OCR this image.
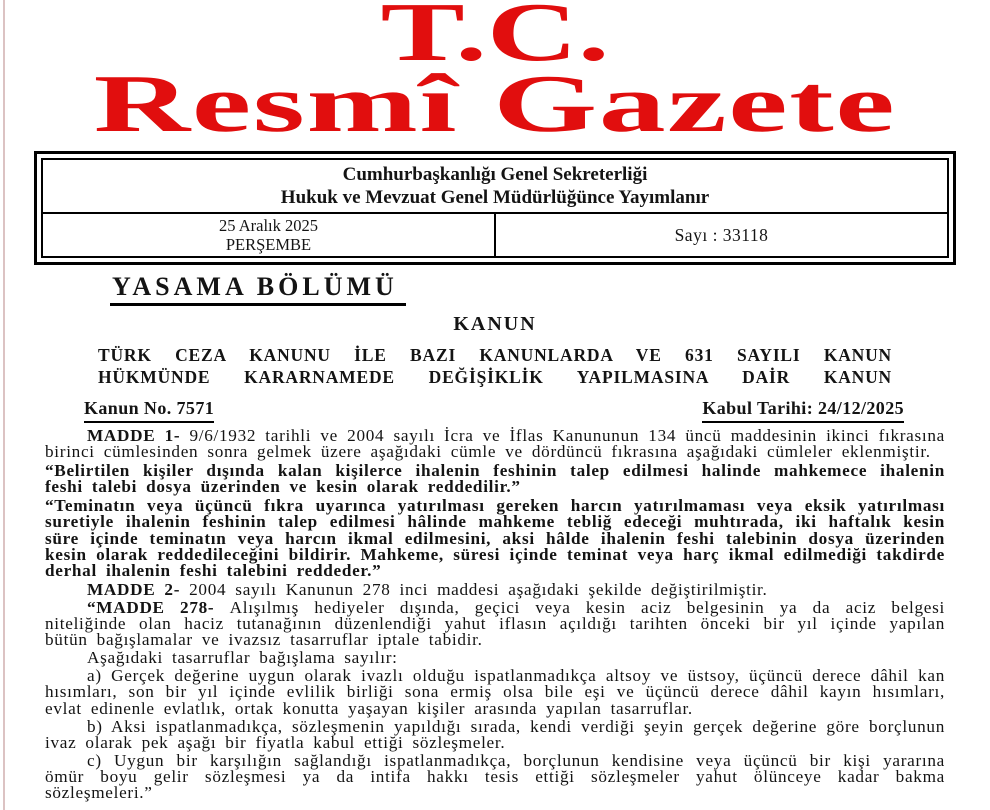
T.C.
Resmî Gazete
Cumhurbaşkanlığı Genel Sekreterliği
Hukuk ve Mevzuat Genel Müdürlüğünce Yayımlanır
25 Aralık 2025
PERŞEMBE	Sayı : 33118
YASAMA BÖLÜMÜ
KANUN
TÜRK CEZA KANUNU İLE BAZI KANUNLARDA VE 631 SAYILI KANUN
HÜKMÜNDE KARARNAMEDE DEĞİŞİKLİK YAPILMASINA DAİR KANUN
Kanun No. 7571	Kabul Tarihi: 24/12/2025

MADDE 1- 9/6/1932 tarihli ve 2004 sayılı İcra ve İflas Kanununun 134 üncü maddesinin ikinci fıkrasına birinci cümlesinden sonra gelmek üzere aşağıdaki cümle ve dördüncü fıkrasına aşağıdaki cümleler eklenmiştir.

“Belirtilen kişiler dışında kalan kişilerce ihalenin feshinin talep edilmesi halinde mahkemece ihalenin feshi talebi dosya üzerinden ve kesin olarak reddedilir.”

“Teminatın veya üçüncü fıkra uyarınca yatırılması gereken harcın yatırılmaması veya eksik yatırılması suretiyle ihalenin feshinin talep edilmesi hâlinde mahkeme tebliğ edeceği muhtırada, iki haftalık kesin süre içinde teminatın veya harcın ikmal edilmesini, aksi hâlde ihalenin feshi talebinin dosya üzerinden kesin olarak reddedileceğini bildirir. Mahkeme, süresi içinde teminat veya harç ikmal edilmediği takdirde derhal ihalenin feshi talebini reddeder.”

MADDE 2- 2004 sayılı Kanunun 278 inci maddesi aşağıdaki şekilde değiştirilmiştir.

“MADDE 278- Alışılmış hediyeler dışında, geçici veya kesin aciz belgesinin ya da aciz belgesi niteliğinde olan haciz tutanağının düzenlendiği yahut iflasın açıldığı tarihten önceki bir yıl içinde yapılan bütün bağışlamalar ve ivazsız tasarruflar iptale tabidir.

Aşağıdaki tasarruflar bağışlama sayılır:

a) Gerçek değerine uygun olarak ivazlı olduğu ispatlanmadıkça altsoy ve üstsoy, üçüncü derece dâhil kan hısımları, son bir yıl içinde evlilik birliği sona ermiş olsa bile eşi ve üçüncü derece dâhil kayın hısımları, evlat edinenle evlatlık, ortak konutta yaşayan kişiler arasında yapılan tasarruflar.

b) Aksi ispatlanmadıkça, sözleşmenin yapıldığı sırada, kendi verdiği şeyin gerçek değerine göre borçlunun ivaz olarak pek aşağı bir fiyatla kabul ettiği sözleşmeler.

c) Uygun bir karşılığın sağlandığı ispatlanmadıkça, borçlunun kendisine veya üçüncü bir kişi yararına ömür boyu gelir sözleşmesi ya da intifa hakkı tesis ettiği sözleşmeler yahut ölünceye kadar bakma sözleşmeleri.”
